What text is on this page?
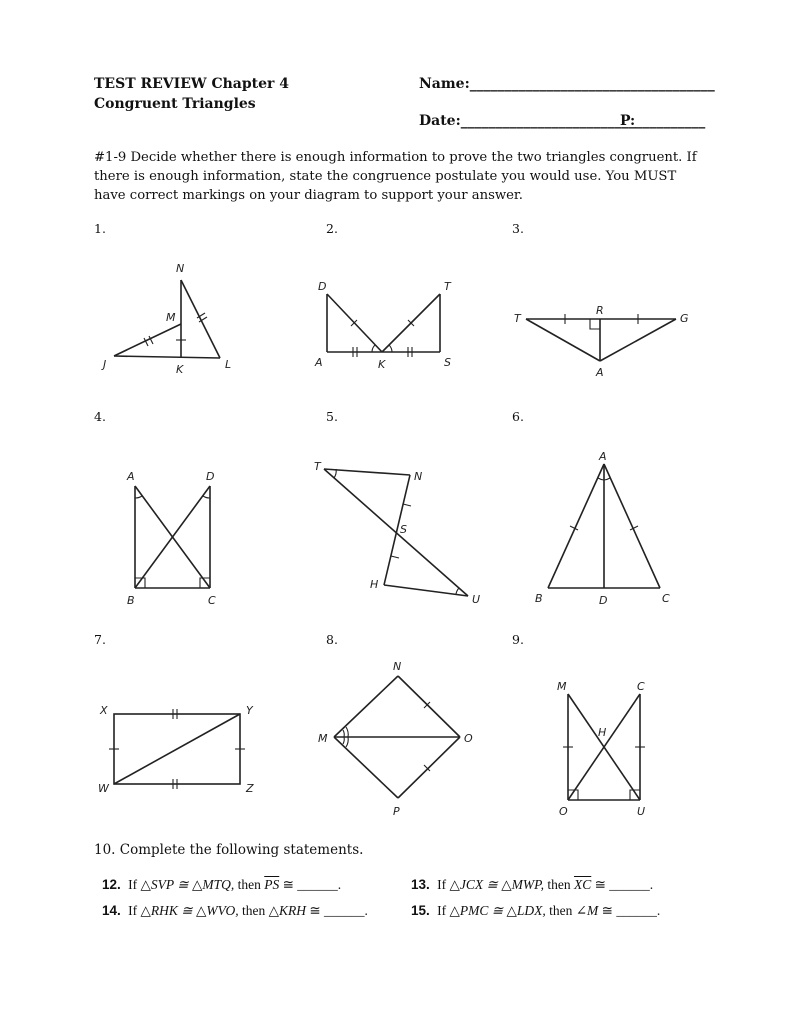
TEST REVIEW Chapter 4
Congruent Triangles
Name:___________________________________
Date:_________________________
P:__________
#1-9 Decide whether there is enough information to prove the two triangles congruent. If there is enough information, state the congruence postulate you would use. You MUST have correct markings on your diagram to support your answer.
1.	2.	3.
4.	5.	6.
7.	8.	9.
N
M
J	K	L
D	T
A	K	S
T
R
G
A
A	D
B	C
T
N
S
H
U
A
B	D	C
X	Y
W	Z
N
M	O
P
M	C
H
O	U
10. Complete the following statements.
12. If △SVP ≅ △MTQ, then $\overline{PS}$ ≅ ______.	13. If △JCX ≅ △MWP, then $\overline{XC}$ ≅ ______.
14. If △RHK ≅ △WVO, then △KRH ≅ ______.	15. If △PMC ≅ △LDX, then ∠M ≅ ______.
